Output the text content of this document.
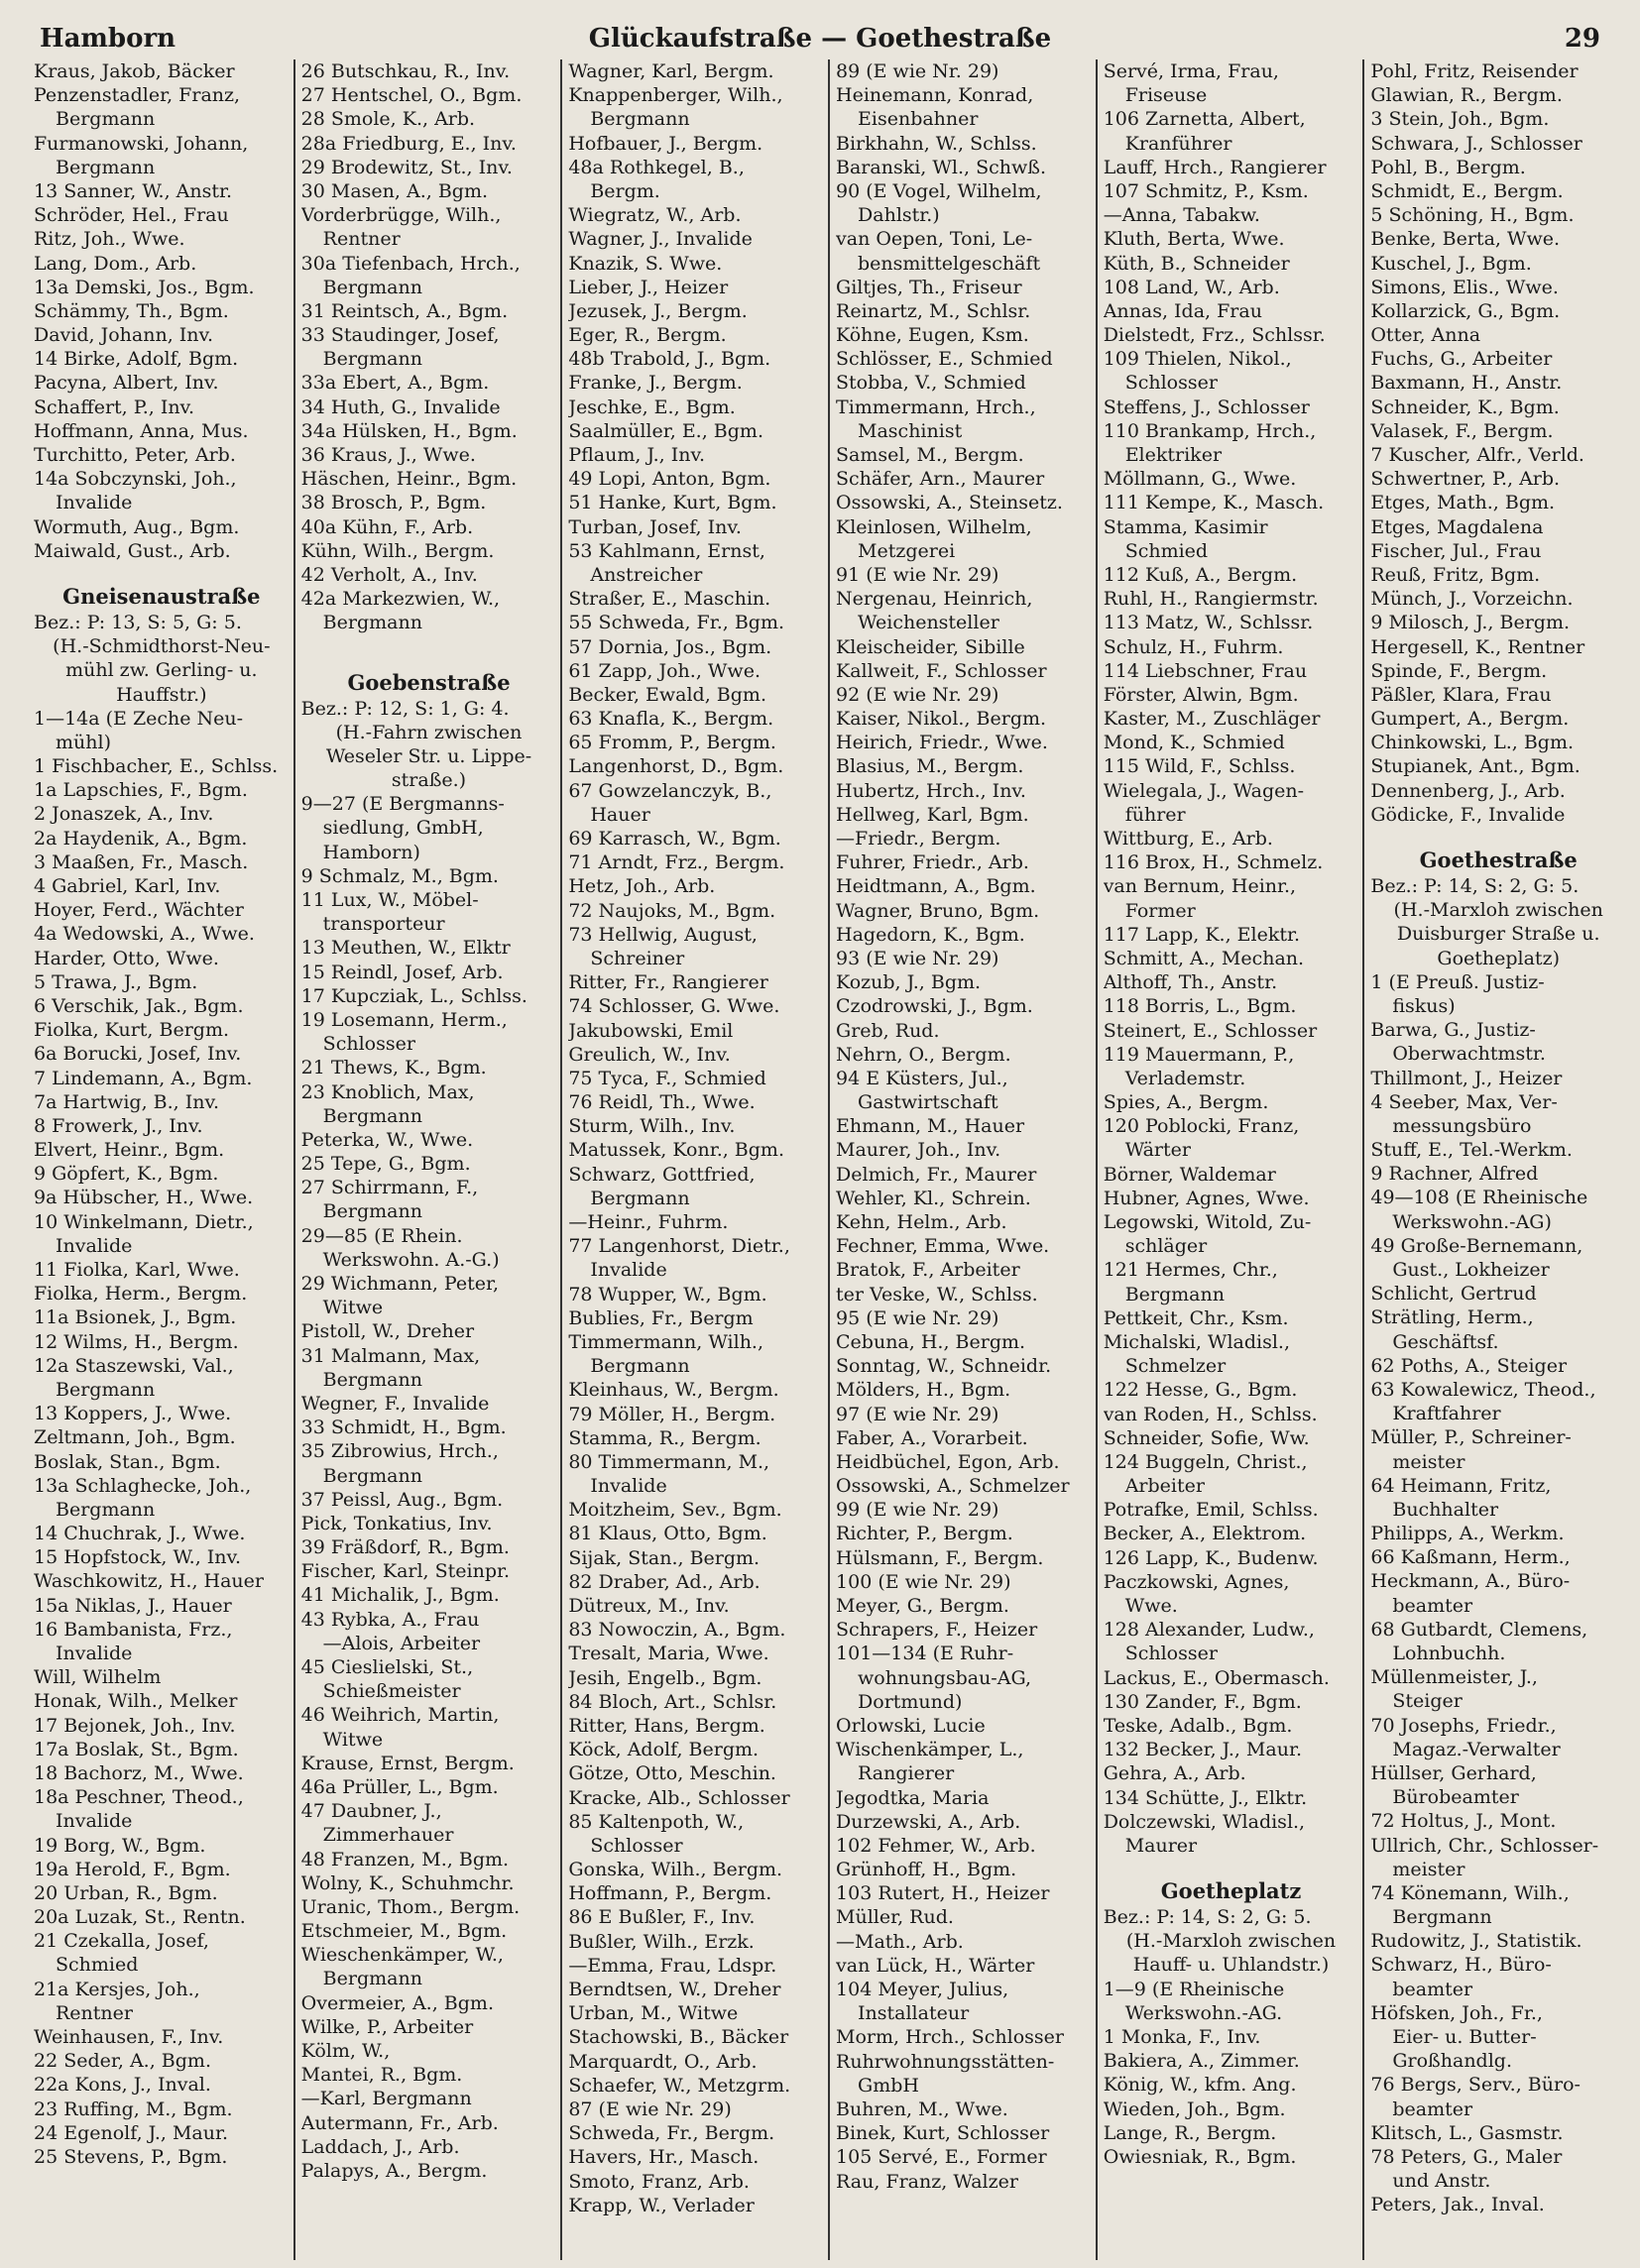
Hamborn	Glückaufstraße — Goethestraße	29
Kraus, Jakob, Bäcker
Penzenstadler, Franz,
Bergmann
Furmanowski, Johann,
Bergmann
13 Sanner, W., Anstr.
Schröder, Hel., Frau
Ritz, Joh., Wwe.
Lang, Dom., Arb.
13a Demski, Jos., Bgm.
Schämmy, Th., Bgm.
David, Johann, Inv.
14 Birke, Adolf, Bgm.
Pacyna, Albert, Inv.
Schaffert, P., Inv.
Hoffmann, Anna, Mus.
Turchitto, Peter, Arb.
14a Sobczynski, Joh.,
Invalide
Wormuth, Aug., Bgm.
Maiwald, Gust., Arb.
Gneisenaustraße
Bez.: P: 13, S: 5, G: 5.
(H.-Schmidthorst-Neu-
mühl zw. Gerling- u.
Hauffstr.)
1—14a (E Zeche Neu-
mühl)
1 Fischbacher, E., Schlss.
1a Lapschies, F., Bgm.
2 Jonaszek, A., Inv.
2a Haydenik, A., Bgm.
3 Maaßen, Fr., Masch.
4 Gabriel, Karl, Inv.
Hoyer, Ferd., Wächter
4a Wedowski, A., Wwe.
Harder, Otto, Wwe.
5 Trawa, J., Bgm.
6 Verschik, Jak., Bgm.
Fiolka, Kurt, Bergm.
6a Borucki, Josef, Inv.
7 Lindemann, A., Bgm.
7a Hartwig, B., Inv.
8 Frowerk, J., Inv.
Elvert, Heinr., Bgm.
9 Göpfert, K., Bgm.
9a Hübscher, H., Wwe.
10 Winkelmann, Dietr.,
Invalide
11 Fiolka, Karl, Wwe.
Fiolka, Herm., Bergm.
11a Bsionek, J., Bgm.
12 Wilms, H., Bergm.
12a Staszewski, Val.,
Bergmann
13 Koppers, J., Wwe.
Zeltmann, Joh., Bgm.
Boslak, Stan., Bgm.
13a Schlaghecke, Joh.,
Bergmann
14 Chuchrak, J., Wwe.
15 Hopfstock, W., Inv.
Waschkowitz, H., Hauer
15a Niklas, J., Hauer
16 Bambanista, Frz.,
Invalide
Will, Wilhelm
Honak, Wilh., Melker
17 Bejonek, Joh., Inv.
17a Boslak, St., Bgm.
18 Bachorz, M., Wwe.
18a Peschner, Theod.,
Invalide
19 Borg, W., Bgm.
19a Herold, F., Bgm.
20 Urban, R., Bgm.
20a Luzak, St., Rentn.
21 Czekalla, Josef,
Schmied
21a Kersjes, Joh.,
Rentner
Weinhausen, F., Inv.
22 Seder, A., Bgm.
22a Kons, J., Inval.
23 Ruffing, M., Bgm.
24 Egenolf, J., Maur.
25 Stevens, P., Bgm.
26 Butschkau, R., Inv.
27 Hentschel, O., Bgm.
28 Smole, K., Arb.
28a Friedburg, E., Inv.
29 Brodewitz, St., Inv.
30 Masen, A., Bgm.
Vorderbrügge, Wilh.,
Rentner
30a Tiefenbach, Hrch.,
Bergmann
31 Reintsch, A., Bgm.
33 Staudinger, Josef,
Bergmann
33a Ebert, A., Bgm.
34 Huth, G., Invalide
34a Hülsken, H., Bgm.
36 Kraus, J., Wwe.
Häschen, Heinr., Bgm.
38 Brosch, P., Bgm.
40a Kühn, F., Arb.
Kühn, Wilh., Bergm.
42 Verholt, A., Inv.
42a Markezwien, W.,
Bergmann
Goebenstraße
Bez.: P: 12, S: 1, G: 4.
(H.-Fahrn zwischen
Weseler Str. u. Lippe-
straße.)
9—27 (E Bergmanns-
siedlung, GmbH,
Hamborn)
9 Schmalz, M., Bgm.
11 Lux, W., Möbel-
transporteur
13 Meuthen, W., Elktr
15 Reindl, Josef, Arb.
17 Kupcziak, L., Schlss.
19 Losemann, Herm.,
Schlosser
21 Thews, K., Bgm.
23 Knoblich, Max,
Bergmann
Peterka, W., Wwe.
25 Tepe, G., Bgm.
27 Schirrmann, F.,
Bergmann
29—85 (E Rhein.
Werkswohn. A.-G.)
29 Wichmann, Peter,
Witwe
Pistoll, W., Dreher
31 Malmann, Max,
Bergmann
Wegner, F., Invalide
33 Schmidt, H., Bgm.
35 Zibrowius, Hrch.,
Bergmann
37 Peissl, Aug., Bgm.
Pick, Tonkatius, Inv.
39 Fräßdorf, R., Bgm.
Fischer, Karl, Steinpr.
41 Michalik, J., Bgm.
43 Rybka, A., Frau
—Alois, Arbeiter
45 Cieslielski, St.,
Schießmeister
46 Weihrich, Martin,
Witwe
Krause, Ernst, Bergm.
46a Prüller, L., Bgm.
47 Daubner, J.,
Zimmerhauer
48 Franzen, M., Bgm.
Wolny, K., Schuhmchr.
Uranic, Thom., Bergm.
Etschmeier, M., Bgm.
Wieschenkämper, W.,
Bergmann
Overmeier, A., Bgm.
Wilke, P., Arbeiter
Kölm, W.,
Mantei, R., Bgm.
—Karl, Bergmann
Autermann, Fr., Arb.
Laddach, J., Arb.
Palapys, A., Bergm.
Wagner, Karl, Bergm.
Knappenberger, Wilh.,
Bergmann
Hofbauer, J., Bergm.
48a Rothkegel, B.,
Bergm.
Wiegratz, W., Arb.
Wagner, J., Invalide
Knazik, S. Wwe.
Lieber, J., Heizer
Jezusek, J., Bergm.
Eger, R., Bergm.
48b Trabold, J., Bgm.
Franke, J., Bergm.
Jeschke, E., Bgm.
Saalmüller, E., Bgm.
Pflaum, J., Inv.
49 Lopi, Anton, Bgm.
51 Hanke, Kurt, Bgm.
Turban, Josef, Inv.
53 Kahlmann, Ernst,
Anstreicher
Straßer, E., Maschin.
55 Schweda, Fr., Bgm.
57 Dornia, Jos., Bgm.
61 Zapp, Joh., Wwe.
Becker, Ewald, Bgm.
63 Knafla, K., Bergm.
65 Fromm, P., Bergm.
Langenhorst, D., Bgm.
67 Gowzelanczyk, B.,
Hauer
69 Karrasch, W., Bgm.
71 Arndt, Frz., Bergm.
Hetz, Joh., Arb.
72 Naujoks, M., Bgm.
73 Hellwig, August,
Schreiner
Ritter, Fr., Rangierer
74 Schlosser, G. Wwe.
Jakubowski, Emil
Greulich, W., Inv.
75 Tyca, F., Schmied
76 Reidl, Th., Wwe.
Sturm, Wilh., Inv.
Matussek, Konr., Bgm.
Schwarz, Gottfried,
Bergmann
—Heinr., Fuhrm.
77 Langenhorst, Dietr.,
Invalide
78 Wupper, W., Bgm.
Bublies, Fr., Bergm
Timmermann, Wilh.,
Bergmann
Kleinhaus, W., Bergm.
79 Möller, H., Bergm.
Stamma, R., Bergm.
80 Timmermann, M.,
Invalide
Moitzheim, Sev., Bgm.
81 Klaus, Otto, Bgm.
Sijak, Stan., Bergm.
82 Draber, Ad., Arb.
Dütreux, M., Inv.
83 Nowoczin, A., Bgm.
Tresalt, Maria, Wwe.
Jesih, Engelb., Bgm.
84 Bloch, Art., Schlsr.
Ritter, Hans, Bergm.
Köck, Adolf, Bergm.
Götze, Otto, Meschin.
Kracke, Alb., Schlosser
85 Kaltenpoth, W.,
Schlosser
Gonska, Wilh., Bergm.
Hoffmann, P., Bergm.
86 E Bußler, F., Inv.
Bußler, Wilh., Erzk.
—Emma, Frau, Ldspr.
Berndtsen, W., Dreher
Urban, M., Witwe
Stachowski, B., Bäcker
Marquardt, O., Arb.
Schaefer, W., Metzgrm.
87 (E wie Nr. 29)
Schweda, Fr., Bergm.
Havers, Hr., Masch.
Smoto, Franz, Arb.
Krapp, W., Verlader
89 (E wie Nr. 29)
Heinemann, Konrad,
Eisenbahner
Birkhahn, W., Schlss.
Baranski, Wl., Schwß.
90 (E Vogel, Wilhelm,
Dahlstr.)
van Oepen, Toni, Le-
bensmittelgeschäft
Giltjes, Th., Friseur
Reinartz, M., Schlsr.
Köhne, Eugen, Ksm.
Schlösser, E., Schmied
Stobba, V., Schmied
Timmermann, Hrch.,
Maschinist
Samsel, M., Bergm.
Schäfer, Arn., Maurer
Ossowski, A., Steinsetz.
Kleinlosen, Wilhelm,
Metzgerei
91 (E wie Nr. 29)
Nergenau, Heinrich,
Weichensteller
Kleischeider, Sibille
Kallweit, F., Schlosser
92 (E wie Nr. 29)
Kaiser, Nikol., Bergm.
Heirich, Friedr., Wwe.
Blasius, M., Bergm.
Hubertz, Hrch., Inv.
Hellweg, Karl, Bgm.
—Friedr., Bergm.
Fuhrer, Friedr., Arb.
Heidtmann, A., Bgm.
Wagner, Bruno, Bgm.
Hagedorn, K., Bgm.
93 (E wie Nr. 29)
Kozub, J., Bgm.
Czodrowski, J., Bgm.
Greb, Rud.
Nehrn, O., Bergm.
94 E Küsters, Jul.,
Gastwirtschaft
Ehmann, M., Hauer
Maurer, Joh., Inv.
Delmich, Fr., Maurer
Wehler, Kl., Schrein.
Kehn, Helm., Arb.
Fechner, Emma, Wwe.
Bratok, F., Arbeiter
ter Veske, W., Schlss.
95 (E wie Nr. 29)
Cebuna, H., Bergm.
Sonntag, W., Schneidr.
Mölders, H., Bgm.
97 (E wie Nr. 29)
Faber, A., Vorarbeit.
Heidbüchel, Egon, Arb.
Ossowski, A., Schmelzer
99 (E wie Nr. 29)
Richter, P., Bergm.
Hülsmann, F., Bergm.
100 (E wie Nr. 29)
Meyer, G., Bergm.
Schrapers, F., Heizer
101—134 (E Ruhr-
wohnungsbau-AG,
Dortmund)
Orlowski, Lucie
Wischenkämper, L.,
Rangierer
Jegodtka, Maria
Durzewski, A., Arb.
102 Fehmer, W., Arb.
Grünhoff, H., Bgm.
103 Rutert, H., Heizer
Müller, Rud.
—Math., Arb.
van Lück, H., Wärter
104 Meyer, Julius,
Installateur
Morm, Hrch., Schlosser
Ruhrwohnungsstätten-
GmbH
Buhren, M., Wwe.
Binek, Kurt, Schlosser
105 Servé, E., Former
Rau, Franz, Walzer
Servé, Irma, Frau,
Friseuse
106 Zarnetta, Albert,
Kranführer
Lauff, Hrch., Rangierer
107 Schmitz, P., Ksm.
—Anna, Tabakw.
Kluth, Berta, Wwe.
Küth, B., Schneider
108 Land, W., Arb.
Annas, Ida, Frau
Dielstedt, Frz., Schlssr.
109 Thielen, Nikol.,
Schlosser
Steffens, J., Schlosser
110 Brankamp, Hrch.,
Elektriker
Möllmann, G., Wwe.
111 Kempe, K., Masch.
Stamma, Kasimir
Schmied
112 Kuß, A., Bergm.
Ruhl, H., Rangiermstr.
113 Matz, W., Schlssr.
Schulz, H., Fuhrm.
114 Liebschner, Frau
Förster, Alwin, Bgm.
Kaster, M., Zuschläger
Mond, K., Schmied
115 Wild, F., Schlss.
Wielegala, J., Wagen-
führer
Wittburg, E., Arb.
116 Brox, H., Schmelz.
van Bernum, Heinr.,
Former
117 Lapp, K., Elektr.
Schmitt, A., Mechan.
Althoff, Th., Anstr.
118 Borris, L., Bgm.
Steinert, E., Schlosser
119 Mauermann, P.,
Verlademstr.
Spies, A., Bergm.
120 Poblocki, Franz,
Wärter
Börner, Waldemar
Hubner, Agnes, Wwe.
Legowski, Witold, Zu-
schläger
121 Hermes, Chr.,
Bergmann
Pettkeit, Chr., Ksm.
Michalski, Wladisl.,
Schmelzer
122 Hesse, G., Bgm.
van Roden, H., Schlss.
Schneider, Sofie, Ww.
124 Buggeln, Christ.,
Arbeiter
Potrafke, Emil, Schlss.
Becker, A., Elektrom.
126 Lapp, K., Budenw.
Paczkowski, Agnes,
Wwe.
128 Alexander, Ludw.,
Schlosser
Lackus, E., Obermasch.
130 Zander, F., Bgm.
Teske, Adalb., Bgm.
132 Becker, J., Maur.
Gehra, A., Arb.
134 Schütte, J., Elktr.
Dolczewski, Wladisl.,
Maurer
Goetheplatz
Bez.: P: 14, S: 2, G: 5.
(H.-Marxloh zwischen
Hauff- u. Uhlandstr.)
1—9 (E Rheinische
Werkswohn.-AG.
1 Monka, F., Inv.
Bakiera, A., Zimmer.
König, W., kfm. Ang.
Wieden, Joh., Bgm.
Lange, R., Bergm.
Owiesniak, R., Bgm.
Pohl, Fritz, Reisender
Glawian, R., Bergm.
3 Stein, Joh., Bgm.
Schwara, J., Schlosser
Pohl, B., Bergm.
Schmidt, E., Bergm.
5 Schöning, H., Bgm.
Benke, Berta, Wwe.
Kuschel, J., Bgm.
Simons, Elis., Wwe.
Kollarzick, G., Bgm.
Otter, Anna
Fuchs, G., Arbeiter
Baxmann, H., Anstr.
Schneider, K., Bgm.
Valasek, F., Bergm.
7 Kuscher, Alfr., Verld.
Schwertner, P., Arb.
Etges, Math., Bgm.
Etges, Magdalena
Fischer, Jul., Frau
Reuß, Fritz, Bgm.
Münch, J., Vorzeichn.
9 Milosch, J., Bergm.
Hergesell, K., Rentner
Spinde, F., Bergm.
Päßler, Klara, Frau
Gumpert, A., Bergm.
Chinkowski, L., Bgm.
Stupianek, Ant., Bgm.
Dennenberg, J., Arb.
Gödicke, F., Invalide
Goethestraße
Bez.: P: 14, S: 2, G: 5.
(H.-Marxloh zwischen
Duisburger Straße u.
Goetheplatz)
1 (E Preuß. Justiz-
fiskus)
Barwa, G., Justiz-
Oberwachtmstr.
Thillmont, J., Heizer
4 Seeber, Max, Ver-
messungsbüro
Stuff, E., Tel.-Werkm.
9 Rachner, Alfred
49—108 (E Rheinische
Werkswohn.-AG)
49 Große-Bernemann,
Gust., Lokheizer
Schlicht, Gertrud
Strätling, Herm.,
Geschäftsf.
62 Poths, A., Steiger
63 Kowalewicz, Theod.,
Kraftfahrer
Müller, P., Schreiner-
meister
64 Heimann, Fritz,
Buchhalter
Philipps, A., Werkm.
66 Kaßmann, Herm.,
Heckmann, A., Büro-
beamter
68 Gutbardt, Clemens,
Lohnbuchh.
Müllenmeister, J.,
Steiger
70 Josephs, Friedr.,
Magaz.-Verwalter
Hüllser, Gerhard,
Bürobeamter
72 Holtus, J., Mont.
Ullrich, Chr., Schlosser-
meister
74 Könemann, Wilh.,
Bergmann
Rudowitz, J., Statistik.
Schwarz, H., Büro-
beamter
Höfsken, Joh., Fr.,
Eier- u. Butter-
Großhandlg.
76 Bergs, Serv., Büro-
beamter
Klitsch, L., Gasmstr.
78 Peters, G., Maler
und Anstr.
Peters, Jak., Inval.
